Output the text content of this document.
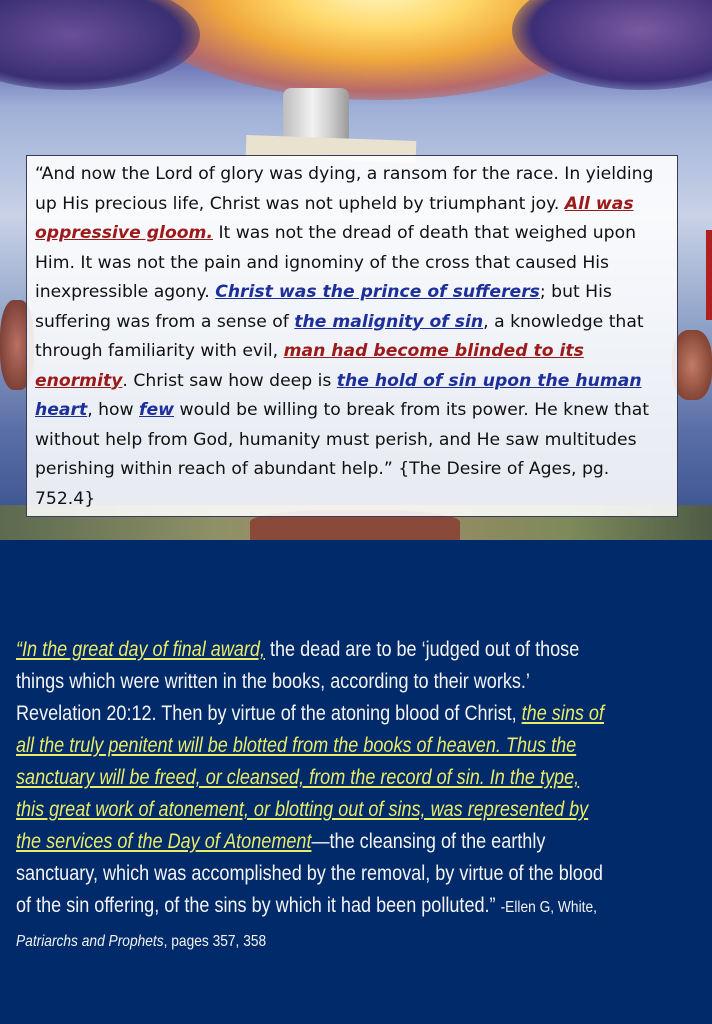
“And now the Lord of glory was dying, a ransom for the race. In yielding up His precious life, Christ was not upheld by triumphant joy. All was oppressive gloom. It was not the dread of death that weighed upon Him. It was not the pain and ignominy of the cross that caused His inexpressible agony. Christ was the prince of sufferers; but His suffering was from a sense of the malignity of sin, a knowledge that through familiarity with evil, man had become blinded to its enormity. Christ saw how deep is the hold of sin upon the human heart, how few would be willing to break from its power. He knew that without help from God, humanity must perish, and He saw multitudes perishing within reach of abundant help.” {The Desire of Ages, pg. 752.4}

“In the great day of final award, the dead are to be ‘judged out of those things which were written in the books, according to their works.’ Revelation 20:12. Then by virtue of the atoning blood of Christ, the sins of all the truly penitent will be blotted from the books of heaven. Thus the sanctuary will be freed, or cleansed, from the record of sin. In the type, this great work of atonement, or blotting out of sins, was represented by the services of the Day of Atonement—the cleansing of the earthly sanctuary, which was accomplished by the removal, by virtue of the blood of the sin offering, of the sins by which it had been polluted.” -Ellen G, White, Patriarchs and Prophets, pages 357, 358
